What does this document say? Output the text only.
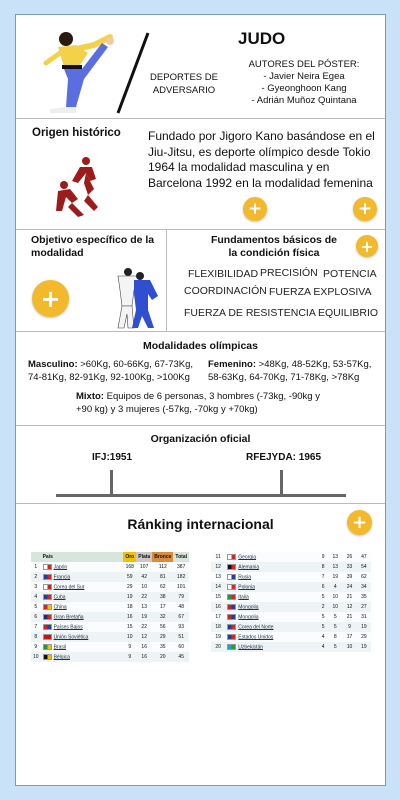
JUDO
DEPORTES DE
ADVERSARIO
AUTORES DEL PÓSTER:
- Javier Neira Egea
- Gyeonghoon Kang
- Adrián Muñoz Quintana
Origen histórico Fundado por Jigoro Kano basándose en el Jiu-Jitsu, es deporte olímpico desde Tokio 1964 la modalidad masculina y en Barcelona 1992 en la modalidad femenina
+	+
Objetivo específico de la modalidad
+
Fundamentos básicos de la condición física	+
FLEXIBILIDAD PRECISIÓN POTENCIA
COORDINACIÓN FUERZA EXPLOSIVA
FUERZA DE RESISTENCIA EQUILIBRIO
Modalidades olímpicas
Masculino: >60Kg, 60-66Kg, 67-73Kg, 74-81Kg, 82-91Kg, 92-100Kg, >100Kg
Femenino: >48Kg, 48-52Kg, 53-57Kg, 58-63Kg, 64-70Kg, 71-78Kg, >78Kg
Mixto: Equipos de 6 personas, 3 hombres (-73kg, -90kg y +90 kg) y 3 mujeres (-57kg, -70kg y +70kg)
Organización oficial
IFJ:1951	RFEJYDA: 1965
Ránking internacional	+
	País	Oro	Plata	Bronce	Total
1	Japón	168	107	112	387
2	Francia	59	42	81	182
3	Corea del Sur	29	10	62	101
4	Cuba	19	22	38	79
5	China	18	13	17	48
6	Gran Bretaña	16	19	32	67
7	Países Bajos	15	22	56	93
8	Unión Soviética	10	12	29	51
9	Brasil	9	16	35	60
10	Bélgica	9	16	20	45
11	Georgia	9	13	26	47
12	Alemania	8	13	33	54
13	Rusia	7	19	39	62
14	Polonia	6	4	24	34
15	Italia	5	10	21	35
16	Mongolia	2	10	12	27
17	Mongolia	5	5	21	31
18	Corea del Norte	5	5	9	19
19	Estados Unidos	4	8	17	29
20	Uzbekistán	4	5	10	19
